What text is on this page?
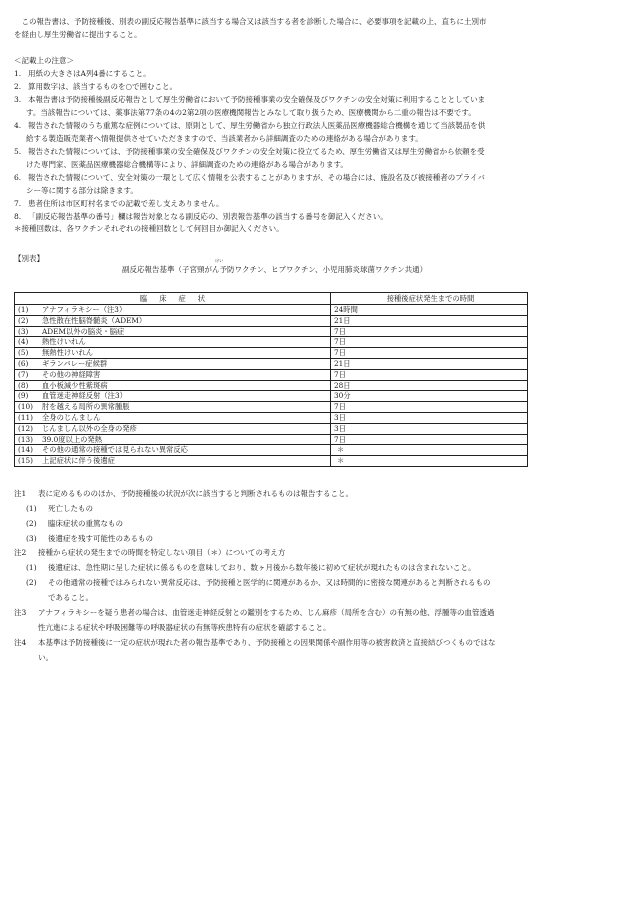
　この報告書は、予防接種後、別表の副反応報告基準に該当する場合又は該当する者を診断した場合に、必要事項を記載の上、直ちに土別市
を経由し厚生労働省に提出すること。
＜記載上の注意＞
1. 用紙の大きさはA列4番にすること。
2. 算用数字は、該当するものを○で囲むこと。
3. 本報告書は予防接種後副反応報告として厚生労働省において予防接種事業の安全確保及びワクチンの安全対策に利用することとしていま
す。当該報告については、薬事法第77条の4の2第2項の医療機関報告とみなして取り扱うため、医療機関から二重の報告は不要です。
4. 報告された情報のうち重篤な症例については、原則として、厚生労働省から独立行政法人医薬品医療機器総合機構を通じて当該製品を供
給する製造販売業者へ情報提供させていただきますので、当該業者から詳細調査のための連絡がある場合があります。
5. 報告された情報については、予防接種事業の安全確保及びワクチンの安全対策に役立てるため、厚生労働省又は厚生労働省から依頼を受
けた専門家、医薬品医療機器総合機構等により、詳細調査のための連絡がある場合があります。
6. 報告された情報について、安全対策の一環として広く情報を公表することがありますが、その場合には、施設名及び被接種者のプライバ
シー等に関する部分は除きます。
7. 患者住所は市区町村名までの記載で差し支えありません。
8. 「副反応報告基準の番号」欄は報告対象となる副反応の、別表報告基準の該当する番号を御記入ください。
＊接種回数は、各ワクチンそれぞれの接種回数として何回目か御記入ください。
【別表】	けい
副反応報告基準（子宮頸がん予防ワクチン、ヒブワクチン、小児用肺炎球菌ワクチン共通）
臨床症状	接種後症状発生までの時間
(1) アナフィラキシー（注3）	24時間
(2) 急性散在性脳脊髄炎（ADEM）	21日
(3) ADEM以外の脳炎・脳症	7日
(4) 熱性けいれん	7日
(5) 無熱性けいれん	7日
(6) ギランバレー症候群	21日
(7) その他の神経障害	7日
(8) 血小板減少性紫斑病	28日
(9) 血管迷走神経反射（注3）	30分
(10) 肘を越える局所の異常腫脹	7日
(11) 全身のじんましん	3日
(12) じんましん以外の全身の発疹	3日
(13) 39.0度以上の発熱	7日
(14) その他の通常の接種では見られない異常反応	＊
(15) 上記症状に伴う後遺症	＊
注1 表に定めるもののほか、予防接種後の状況が次に該当すると判断されるものは報告すること。
(1) 死亡したもの
(2) 臨床症状の重篤なもの
(3) 後遺症を残す可能性のあるもの
注2 接種から症状の発生までの時間を特定しない項目（＊）についての考え方
(1) 後遺症は、急性期に呈した症状に係るものを意味しており、数ヶ月後から数年後に初めて症状が現れたものは含まれないこと。
(2) その他通常の接種ではみられない異常反応は、予防接種と医学的に関連があるか、又は時間的に密接な関連があると判断されるもの
であること。
注3 アナフィラキシーを疑う患者の場合は、血管迷走神経反射との鑑別をするため、じん麻疹（局所を含む）の有無の他、浮腫等の血管透過
性亢進による症状や呼吸困難等の呼吸器症状の有無等疾患特有の症状を確認すること。
注4 本基準は予防接種後に一定の症状が現れた者の報告基準であり、予防接種との因果関係や副作用等の被害救済と直接結びつくものではな
い。
